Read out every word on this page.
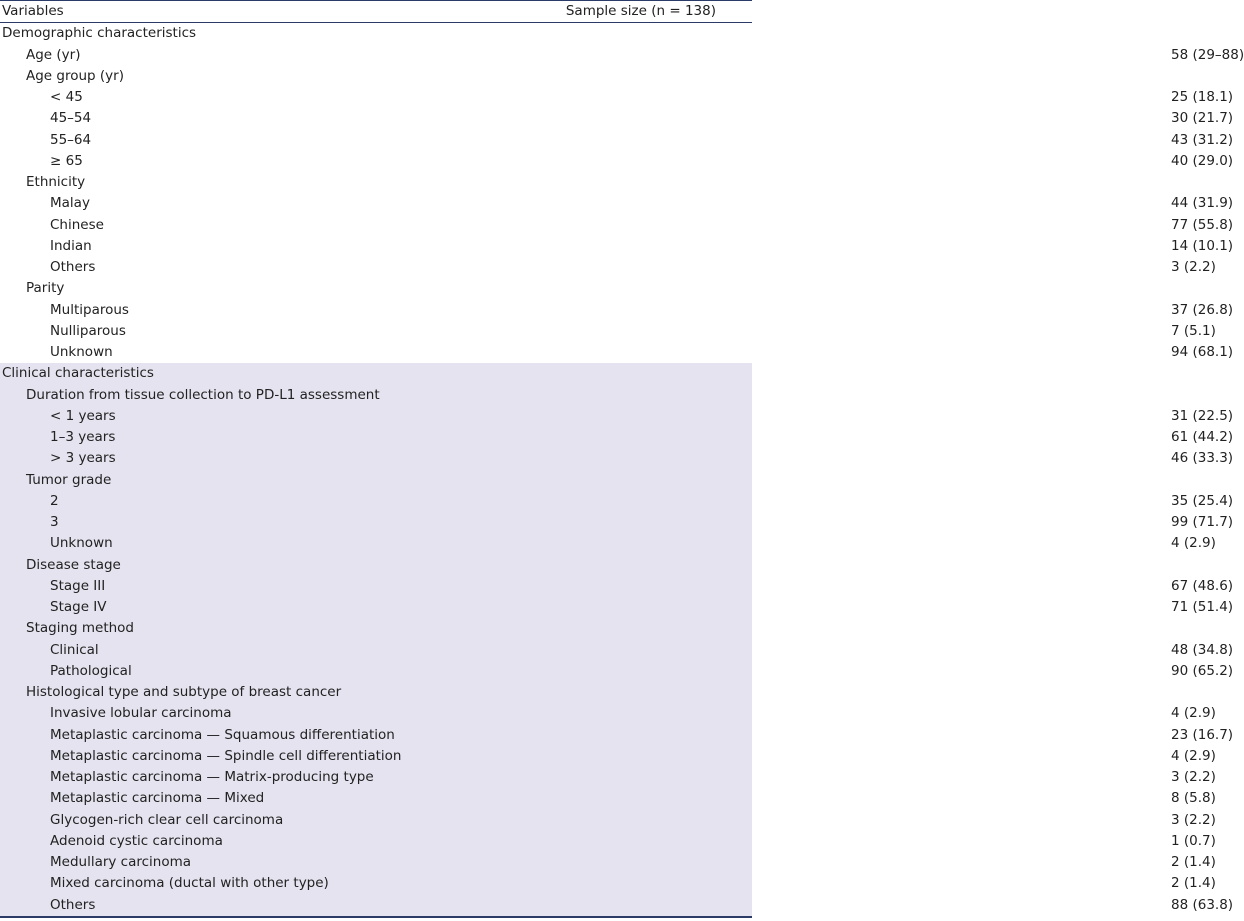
Variables	Sample size (n = 138)
Demographic characteristics	
Age (yr)	58 (29–88)
Age group (yr)	
< 45	25 (18.1)
45–54	30 (21.7)
55–64	43 (31.2)
≥ 65	40 (29.0)
Ethnicity	
Malay	44 (31.9)
Chinese	77 (55.8)
Indian	14 (10.1)
Others	3 (2.2)
Parity	
Multiparous	37 (26.8)
Nulliparous	7 (5.1)
Unknown	94 (68.1)
Clinical characteristics	
Duration from tissue collection to PD-L1 assessment	
< 1 years	31 (22.5)
1–3 years	61 (44.2)
> 3 years	46 (33.3)
Tumor grade	
2	35 (25.4)
3	99 (71.7)
Unknown	4 (2.9)
Disease stage	
Stage III	67 (48.6)
Stage IV	71 (51.4)
Staging method	
Clinical	48 (34.8)
Pathological	90 (65.2)
Histological type and subtype of breast cancer	
Invasive lobular carcinoma	4 (2.9)
Metaplastic carcinoma — Squamous differentiation	23 (16.7)
Metaplastic carcinoma — Spindle cell differentiation	4 (2.9)
Metaplastic carcinoma — Matrix-producing type	3 (2.2)
Metaplastic carcinoma — Mixed	8 (5.8)
Glycogen-rich clear cell carcinoma	3 (2.2)
Adenoid cystic carcinoma	1 (0.7)
Medullary carcinoma	2 (1.4)
Mixed carcinoma (ductal with other type)	2 (1.4)
Others	88 (63.8)
